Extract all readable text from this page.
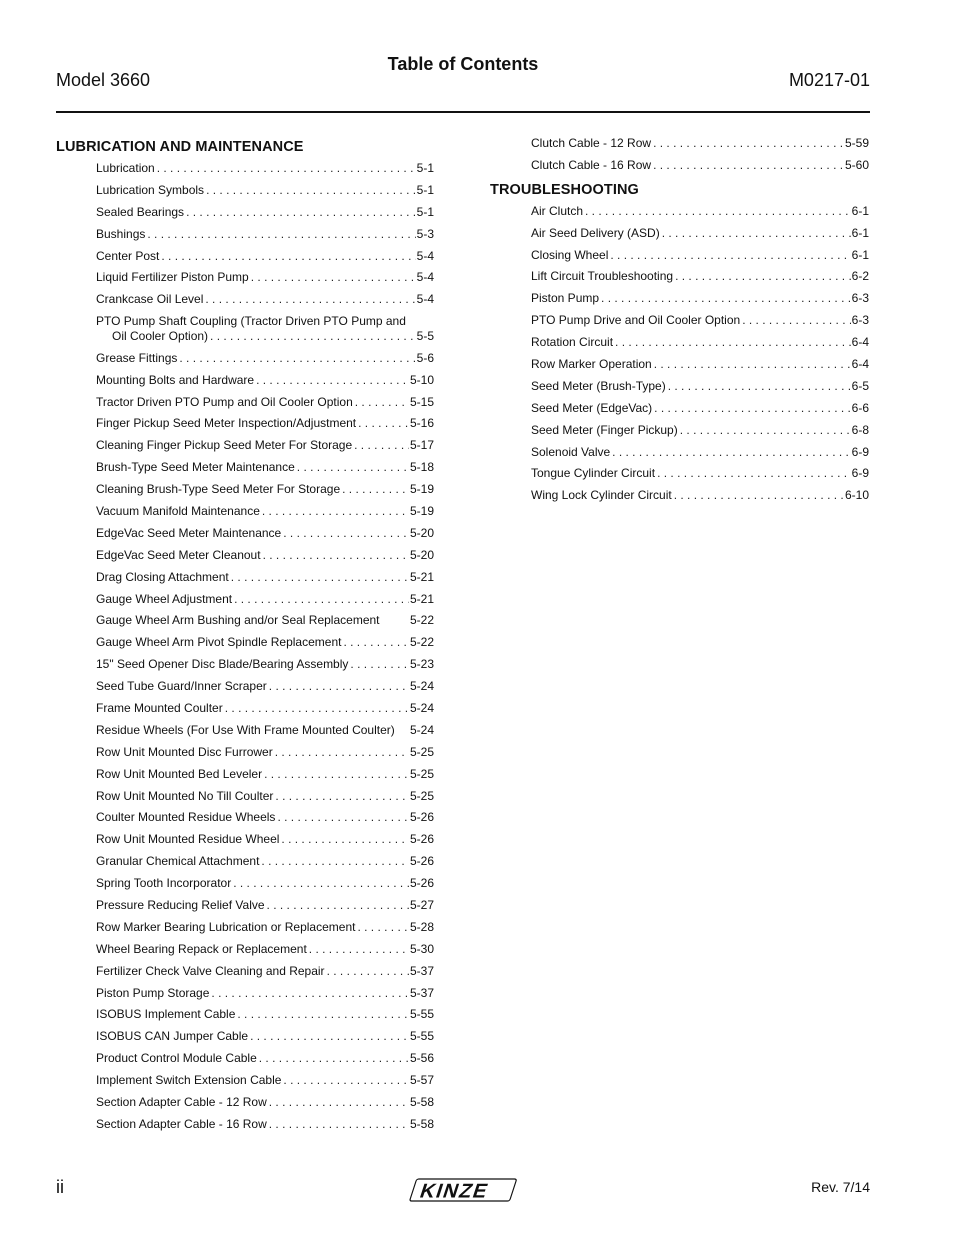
Table of Contents
Model 3660	M0217-01
LUBRICATION AND MAINTENANCE
Lubrication . . .	5-1
Lubrication Symbols . . .	5-1
Sealed Bearings . . .	5-1
Bushings . . .	5-3
Center Post . . .	5-4
Liquid Fertilizer Piston Pump . . .	5-4
Crankcase Oil Level . . .	5-4
PTO Pump Shaft Coupling (Tractor Driven PTO Pump and
Oil Cooler Option) . . .	5-5
Grease Fittings . . .	5-6
Mounting Bolts and Hardware . . .	5-10
Tractor Driven PTO Pump and Oil Cooler Option . . .	5-15
Finger Pickup Seed Meter Inspection/Adjustment . . .	5-16
Cleaning Finger Pickup Seed Meter For Storage . . .	5-17
Brush-Type Seed Meter Maintenance . . .	5-18
Cleaning Brush-Type Seed Meter For Storage . . .	5-19
Vacuum Manifold Maintenance . . .	5-19
EdgeVac Seed Meter Maintenance . . .	5-20
EdgeVac Seed Meter Cleanout . . .	5-20
Drag Closing Attachment . . .	5-21
Gauge Wheel Adjustment . . .	5-21
Gauge Wheel Arm Bushing and/or Seal Replacement	5-22
Gauge Wheel Arm Pivot Spindle Replacement . . .	5-22
15" Seed Opener Disc Blade/Bearing Assembly . . .	5-23
Seed Tube Guard/Inner Scraper . . .	5-24
Frame Mounted Coulter . . .	5-24
Residue Wheels (For Use With Frame Mounted Coulter) 5-24
Row Unit Mounted Disc Furrower . . .	5-25
Row Unit Mounted Bed Leveler . . .	5-25
Row Unit Mounted No Till Coulter . . .	5-25
Coulter Mounted Residue Wheels . . .	5-26
Row Unit Mounted Residue Wheel . . .	5-26
Granular Chemical Attachment . . .	5-26
Spring Tooth Incorporator . . .	5-26
Pressure Reducing Relief Valve . . .	5-27
Row Marker Bearing Lubrication or Replacement . . .	5-28
Wheel Bearing Repack or Replacement . . .	5-30
Fertilizer Check Valve Cleaning and Repair . . .	5-37
Piston Pump Storage . . .	5-37
ISOBUS Implement Cable . . .	5-55
ISOBUS CAN Jumper Cable . . .	5-55
Product Control Module Cable . . .	5-56
Implement Switch Extension Cable . . .	5-57
Section Adapter Cable - 12 Row . . .	5-58
Section Adapter Cable - 16 Row . . .	5-58
Clutch Cable - 12 Row . . .	5-59
Clutch Cable - 16 Row . . .	5-60
TROUBLESHOOTING
Air Clutch . . .	6-1
Air Seed Delivery (ASD) . . .	6-1
Closing Wheel . . .	6-1
Lift Circuit Troubleshooting . . .	6-2
Piston Pump . . .	6-3
PTO Pump Drive and Oil Cooler Option . . .	6-3
Rotation Circuit . . .	6-4
Row Marker Operation . . .	6-4
Seed Meter (Brush-Type) . . .	6-5
Seed Meter (EdgeVac) . . .	6-6
Seed Meter (Finger Pickup) . . .	6-8
Solenoid Valve . . .	6-9
Tongue Cylinder Circuit . . .	6-9
Wing Lock Cylinder Circuit . . .	6-10
ii	KINZE	Rev. 7/14
